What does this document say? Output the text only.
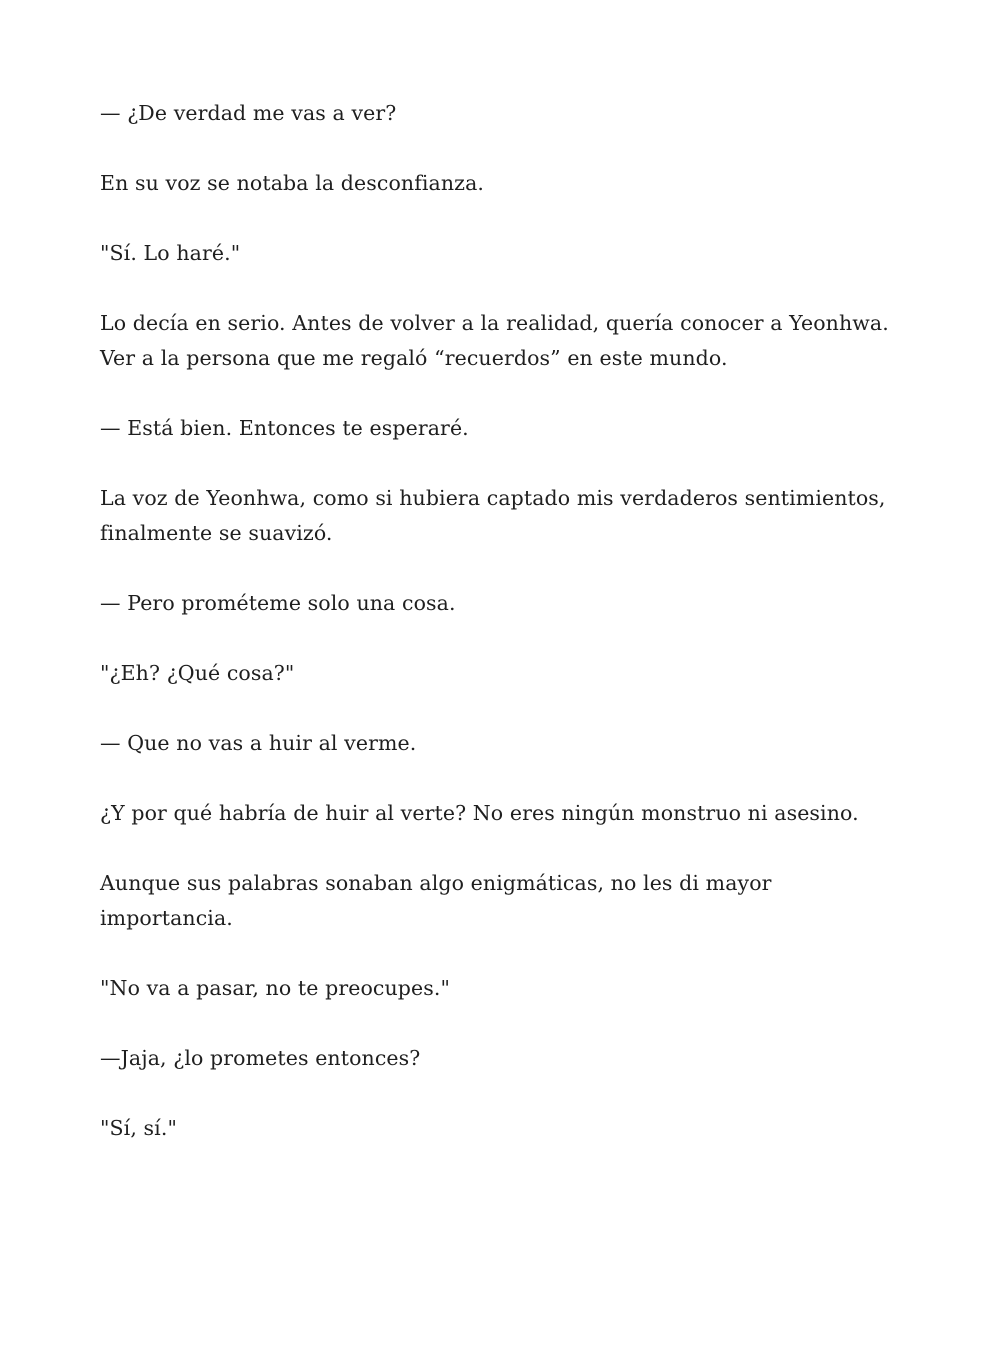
— ¿De verdad me vas a ver?

En su voz se notaba la desconfianza.

"Sí. Lo haré."

Lo decía en serio. Antes de volver a la realidad, quería conocer a Yeonhwa.  Ver a la persona que me regaló “recuerdos” en este mundo.

— Está bien. Entonces te esperaré.

La voz de Yeonhwa, como si hubiera captado mis verdaderos sentimientos, finalmente se suavizó.

— Pero prométeme solo una cosa.

"¿Eh? ¿Qué cosa?"

— Que no vas a huir al verme.

¿Y por qué habría de huir al verte? No eres ningún monstruo ni asesino.

Aunque sus palabras sonaban algo enigmáticas, no les di mayor importancia.

"No va a pasar, no te preocupes."

—Jaja, ¿lo prometes entonces?

"Sí, sí."
